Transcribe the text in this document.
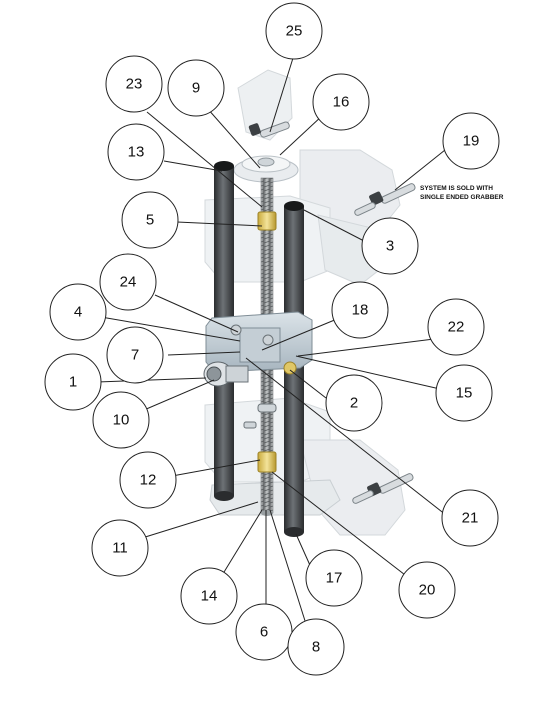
SYSTEM IS SOLD WITH
SINGLE ENDED GRABBER
1
2
3
4
5
6
7
8
9
10
11
12
13
14
15
16
17
18
19
20
21
22
23
24
25
